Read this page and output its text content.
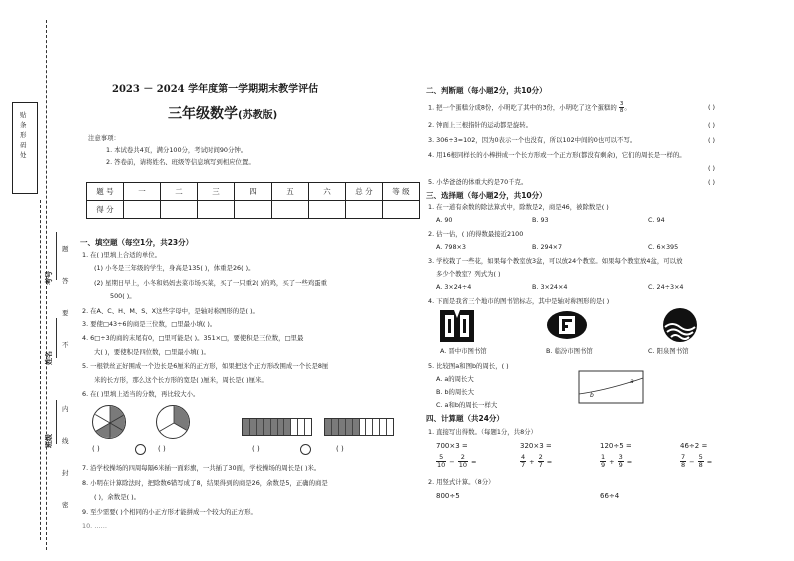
贴条形码处
考号
姓名
班级
密
封
线
内
不
要
答
题
2023 － 2024 学年度第一学期期末教学评估
三年级数学(苏教版)
注意事项：
1. 本试卷共4页，满分100分，考试时间90分钟。
2. 答卷前，请将姓名、班级等信息填写到相应位置。
题 号	一	二	三	四	五	六	总 分	等 级
得 分								
一、填空题（每空1分，共23分）
1. 在( )里填上合适的单位。
(1) 小冬是三年级的学生，身高是135( )，体重是26( )。
(2) 星期日早上，小冬和妈妈去菜市场买菜，买了一只重2( )的鸡，买了一些鸡蛋重
500( )。
2. 在A、C、H、M、S、X这些字母中，是轴对称图形的是( )。
3. 要使□43÷6的商是三位数，□里最小填( )。
4. 6□÷3的商的末尾有0，□里可能是( )。351×□，要使积是三位数，□里最
大( )，要使积是四位数，□里最小填( )。
5. 一根铁丝正好围成一个边长是6厘米的正方形，如果把这个正方形改围成一个长是8厘
米的长方形，那么这个长方形的宽是( )厘米，周长是( )厘米。
6. 在( )里填上适当的分数，再比较大小。
( )	( )	( )	( )
7. 沿学校操场的四周每隔6米插一面彩旗，一共插了30面，学校操场的周长是( )米。
8. 小明在计算除法时，把除数6错写成了8，结果得到的商是26，余数是5，正确的商是
( )，余数是( )。
9. 至少需要( )个相同的小正方形才能拼成一个较大的正方形。
10. ……
二、判断题（每小题2分，共10分）
1. 把一个蛋糕分成8份，小明吃了其中的3份，小明吃了这个蛋糕的 $\frac{3}{8}$ 。	( )
2. 钟面上三根指针的运动都是旋转。	( )
3. 306÷3=102，因为0表示一个也没有，所以102中间的0也可以不写。	( )
4. 用16根同样长的小棒拼成一个长方形或一个正方形(都没有剩余)，它们的周长是一样的。
( )
5. 小华爸爸的体重大约是70千克。	( )
三、选择题（每小题2分，共10分）
1. 在一道有余数的除法算式中，除数是2，商是46，被除数是( )
A. 90	B. 93	C. 94
2. 估一估，( )的得数最接近2100
A. 798×3	B. 294×7	C. 6×395
3. 学校栽了一些花，如果每个教室放3盆，可以放24个教室。如果每个教室放4盆，可以放
多少个教室？列式为( )
A. 3×24÷4	B. 3×24×4	C. 24÷3×4
4. 下面是我省三个地市的图书馆标志，其中是轴对称图形的是( )
A. 晋中市图书馆	B. 临汾市图书馆	C. 阳泉图书馆
5. 比较图a和图b的周长，( )
A. a的周长大
B. b的周长大
C. a和b的周长一样大
a
b
四、计算题（共24分）
1. 直接写出得数。（每题1分，共8分）
700×3 =	320×3 =	120÷5 =	46÷2 =
$\frac{5}{10} - \frac{2}{10}$ =	$\frac{4}{7} + \frac{2}{7}$ =	$\frac{1}{9} + \frac{3}{9}$ =	$\frac{7}{8} - \frac{5}{8}$ =
2. 用竖式计算。（8分）
800÷5	66÷4
